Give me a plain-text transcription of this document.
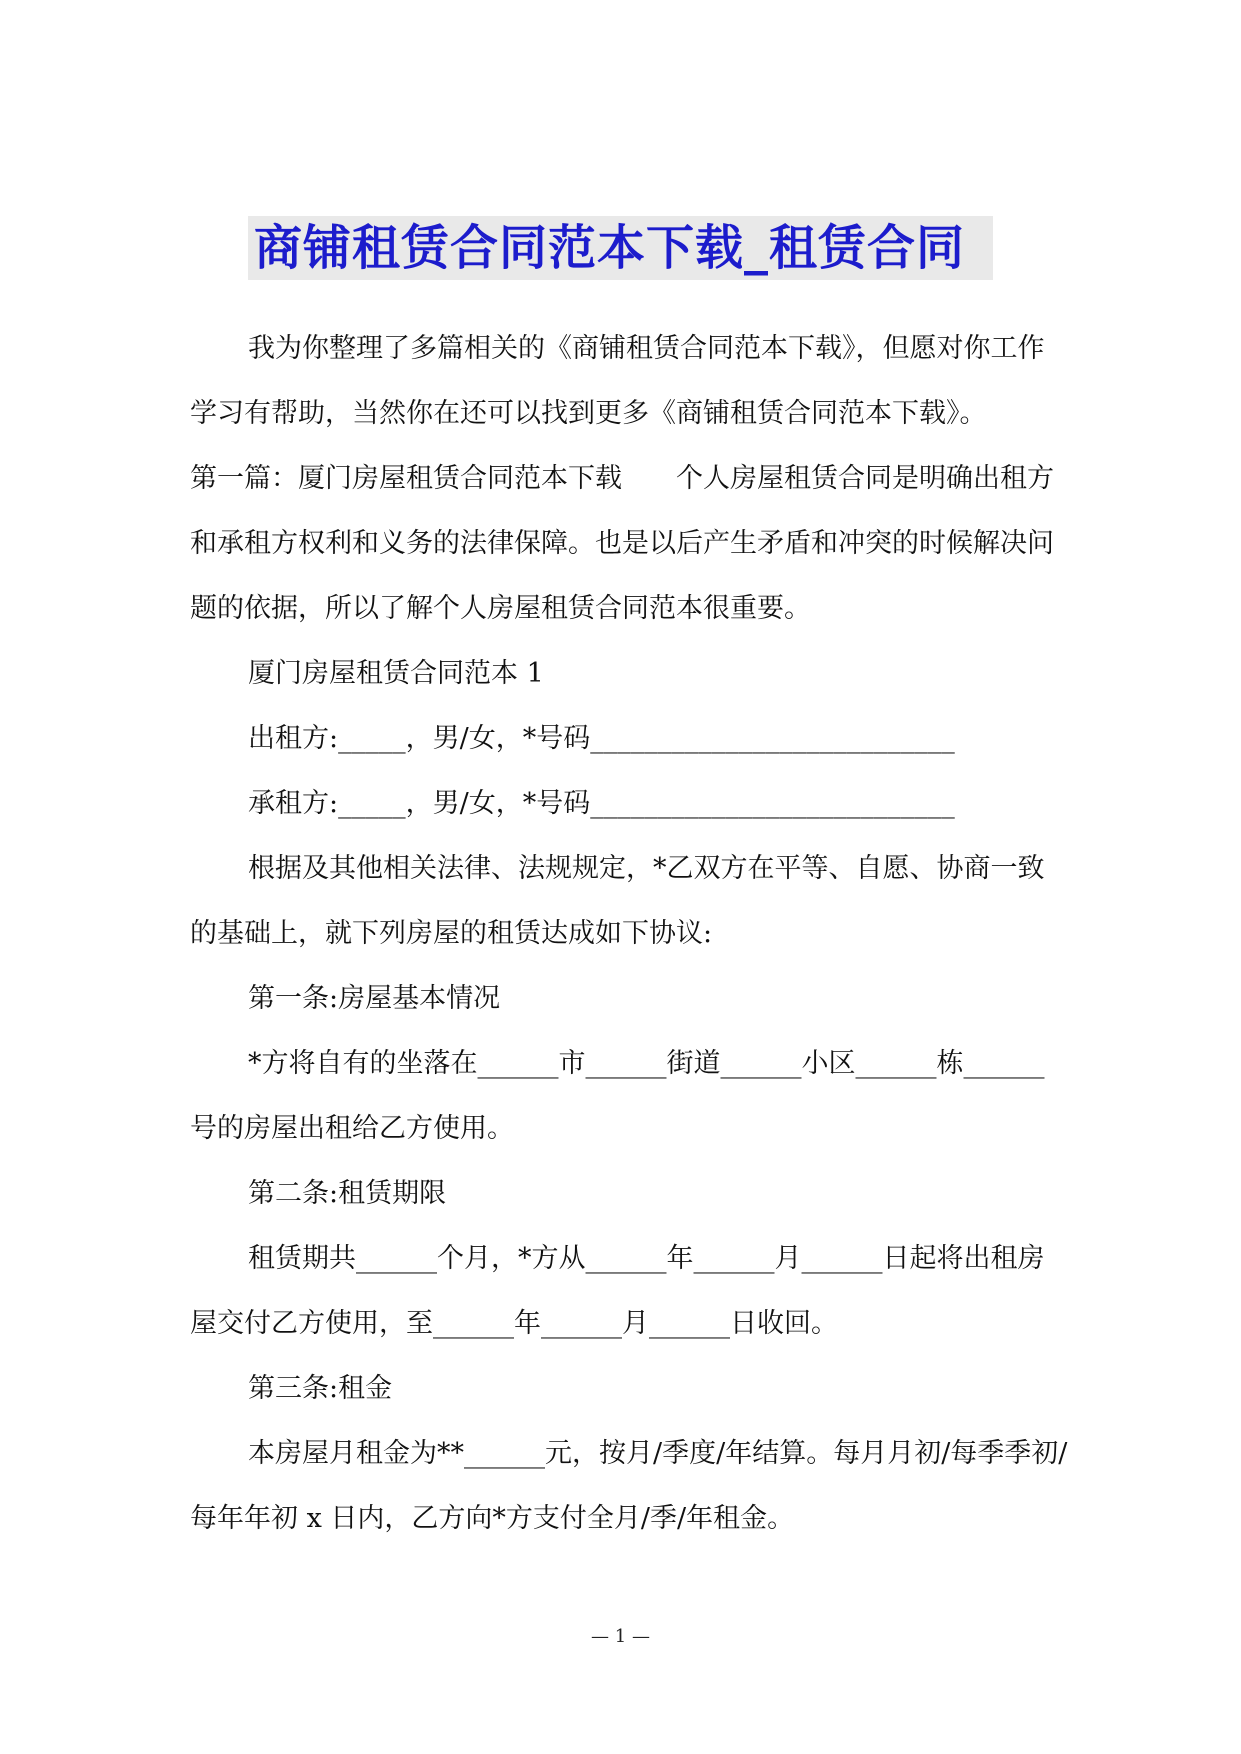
商铺租赁合同范本下载_租赁合同

我为你整理了多篇相关的《商铺租赁合同范本下载》，但愿对你工作学习有帮助，当然你在还可以找到更多《商铺租赁合同范本下载》。

第一篇：厦门房屋租赁合同范本下载　　个人房屋租赁合同是明确出租方和承租方权利和义务的法律保障。也是以后产生矛盾和冲突的时候解决问题的依据，所以了解个人房屋租赁合同范本很重要。

厦门房屋租赁合同范本 1

出租方:_____，男/女，*号码___________________________

承租方:_____，男/女，*号码___________________________

根据及其他相关法律、法规规定，*乙双方在平等、自愿、协商一致的基础上，就下列房屋的租赁达成如下协议:

第一条:房屋基本情况

*方将自有的坐落在______市______街道______小区______栋______号的房屋出租给乙方使用。

第二条:租赁期限

租赁期共______个月，*方从______年______月______日起将出租房屋交付乙方使用，至______年______月______日收回。

第三条:租金

本房屋月租金为**______元，按月/季度/年结算。每月月初/每季季初/每年年初 x 日内，乙方向*方支付全月/季/年租金。

— 1 —
